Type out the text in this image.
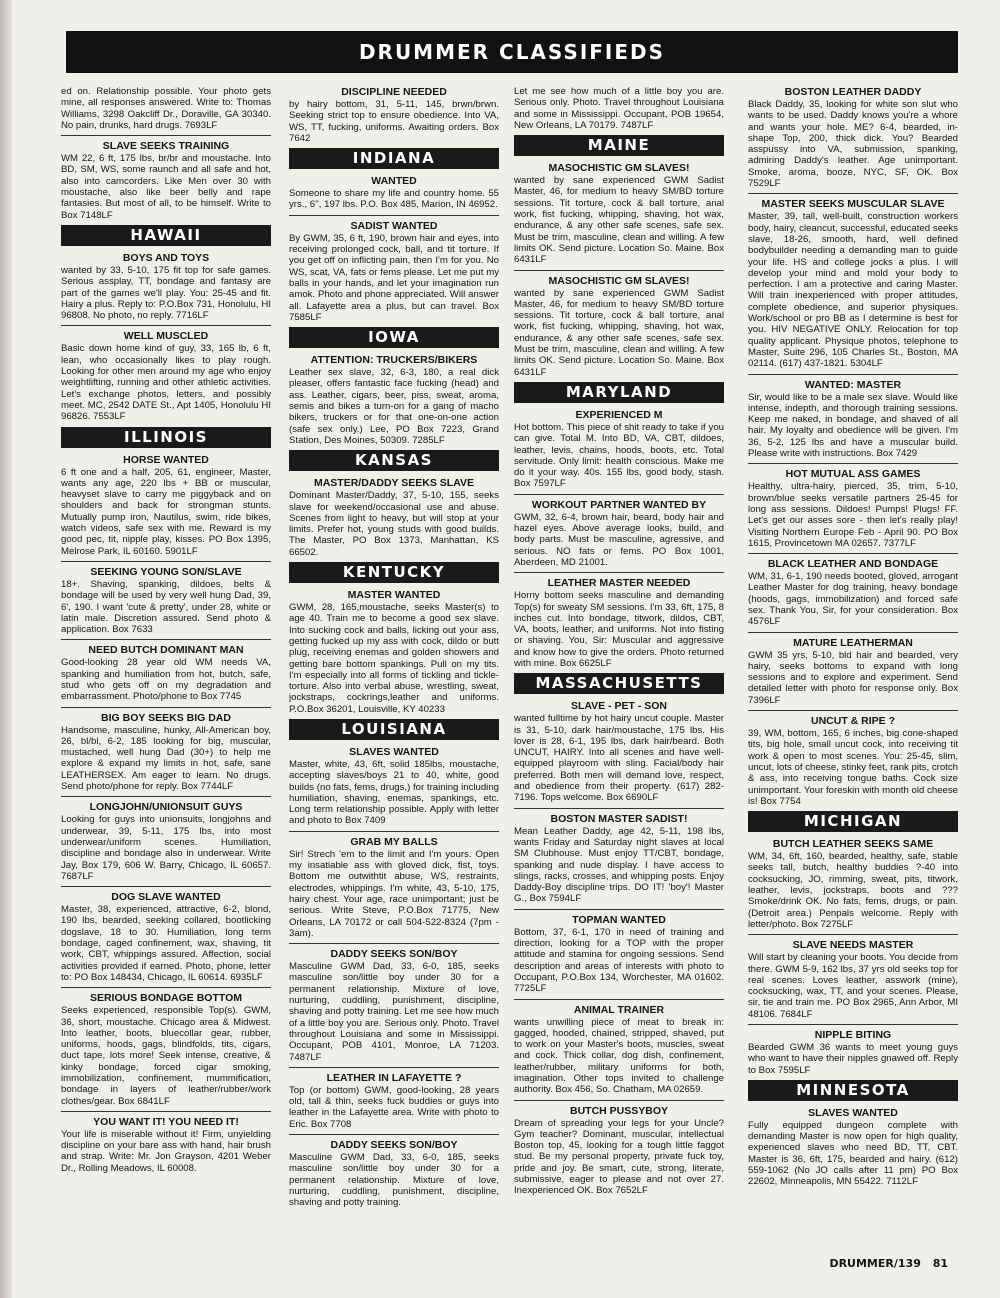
DRUMMER CLASSIFIEDS

ed on. Relationship possible. Your photo gets mine, all responses answered. Write to: Thomas Williams, 3298 Oakcliff Dr., Doraville, GA 30340. No pain, drunks, hard drugs. 7693LF

SLAVE SEEKS TRAINING

WM 22, 6 ft, 175 lbs, br/br and moustache. Into BD, SM, WS, some raunch and all safe and hot, also into camcorders. Like Men over 30 with moustache, also like beer belly and rape fantasies. But most of all, to be himself. Write to Box 7148LF

HAWAII
BOYS AND TOYS

wanted by 33, 5-10, 175 fit top for safe games. Serious assplay, TT, bondage and fantasy are part of the games we'll play. You: 25-45 and fit. Hairy a plus. Reply to: P.O.Box 731, Honolulu, HI 96808. No photo, no reply. 7716LF

WELL MUSCLED

Basic down home kind of guy, 33, 165 lb, 6 ft, lean, who occasionally likes to play rough. Looking for other men around my age who enjoy weightlifting, running and other athletic activities. Let's exchange photos, letters, and possibly meet. MC, 2542 DATE St., Apt 1405, Honolulu HI 96826. 7553LF

ILLINOIS
HORSE WANTED

6 ft one and a half, 205, 61, engineer, Master, wants any age, 220 lbs + BB or muscular, heavyset slave to carry me piggyback and on shoulders and back for strongman stunts. Mutually pump iron, Nautilus, swim, ride bikes, watch videos, safe sex with me. Reward is my good pec, tit, nipple play, kisses. PO Box 1395, Melrose Park, IL 60160. 5901LF

SEEKING YOUNG SON/SLAVE

18+. Shaving, spanking, dildoes, belts & bondage will be used by very well hung Dad, 39, 6', 190. I want 'cute & pretty', under 28, white or latin male. Discretion assured. Send photo & application. Box 7633

NEED BUTCH DOMINANT MAN

Good-looking 28 year old WM needs VA, spanking and humiliation from hot, butch, safe, stud who gets off on my degradation and embarrassment. Photo/phone to Box 7745

BIG BOY SEEKS BIG DAD

Handsome, masculine, hunky, All-American boy, 26, bl/bl, 6-2, 185 looking for big, muscular, mustached, well hung Dad (30+) to help me explore & expand my limits in hot, safe, sane LEATHERSEX. Am eager to learn. No drugs. Send photo/phone for reply. Box 7744LF

LONGJOHN/UNIONSUIT GUYS

Looking for guys into unionsuits, longjohns and underwear, 39, 5-11, 175 lbs, into most underwear/uniform scenes. Humiliation, discipline and bondage also in underwear. Write Jay, Box 179, 606 W. Barry, Chicago, IL 60657. 7687LF

DOG SLAVE WANTED

Master, 38, experienced, attractive, 6-2, blond, 190 lbs, bearded, seeking collared, bootlicking dogslave, 18 to 30. Humiliation, long term bondage, caged confinement, wax, shaving, tit work, CBT, whippings assured. Affection, social activities provided if earned. Photo, phone, letter to: PO Box 148434, Chicago, IL 60614. 6935LF

SERIOUS BONDAGE BOTTOM

Seeks experienced, responsible Top(s). GWM, 36, short, moustache. Chicago area & Midwest. Into leather, boots, bluecollar gear, rubber, uniforms, hoods, gags, blindfolds, tits, cigars, duct tape, lots more! Seek intense, creative, & kinky bondage, forced cigar smoking, immobilization, confinement, mummification, bondage in layers of leather/rubber/work clothes/gear. Box 6841LF

YOU WANT IT! YOU NEED IT!

Your life is miserable without it! Firm, unyielding discipline on your bare ass with hand, hair brush and strap. Write: Mr. Jon Grayson, 4201 Weber Dr., Rolling Meadows, IL 60008.

DISCIPLINE NEEDED

by hairy bottom, 31, 5-11, 145, brwn/brwn. Seeking strict top to ensure obedience. Into VA, WS, TT, fucking, uniforms. Awaiting orders. Box 7642

INDIANA
WANTED

Someone to share my life and country home. 55 yrs., 6'', 197 lbs. P.O. Box 485, Marion, IN 46952.

SADIST WANTED

By GWM, 35, 6 ft, 190, brown hair and eyes, into receiving prolonged cock, ball, and tit torture. If you get off on inflicting pain, then I'm for you. No WS, scat, VA, fats or fems please. Let me put my balls in your hands, and let your imagination run amok. Photo and phone appreciated. Will answer all. Lafayette area a plus, but can travel. Box 7585LF

IOWA
ATTENTION: TRUCKERS/BIKERS

Leather sex slave, 32, 6-3, 180, a real dick pleaser, offers fantastic face fucking (head) and ass. Leather, cigars, beer, piss, sweat, aroma, semis and bikes a turn-on for a gang of macho bikers, truckers or for that one-on-one action (safe sex only.) Lee, PO Box 7223, Grand Station, Des Moines, 50309. 7285LF

KANSAS
MASTER/DADDY SEEKS SLAVE

Dominant Master/Daddy, 37, 5-10, 155, seeks slave for weekend/occasional use and abuse. Scenes from light to heavy, but will stop at your limits. Prefer hot, young studs with good builds. The Master, PO Box 1373, Manhattan, KS 66502.

KENTUCKY
MASTER WANTED

GWM, 28, 165,moustache, seeks Master(s) to age 40. Train me to become a good sex slave. Into sucking cock and balls, licking out your ass, getting fucked up my ass with cock, dildo or butt plug, receiving enemas and golden showers and getting bare bottom spankings. Pull on my tits. I'm especially into all forms of tickling and tickle-torture. Also into verbal abuse, wrestling, sweat, jockstraps, cockrings,leather and uniforms. P.O.Box 36201, Louisville, KY 40233

LOUISIANA
SLAVES WANTED

Master, white, 43, 6ft, solid 185lbs, moustache, accepting slaves/boys 21 to 40, white, good builds (no fats, fems, drugs,) for training including humiliation, shaving, enemas, spankings, etc. Long term relationship possible. Apply with letter and photo to Box 7409

GRAB MY BALLS

Sir! Strech 'em to the limit and I'm yours. Open my insatiable ass with gloved dick, fist, toys. Bottom me outwithtit abuse, WS, restraints, electrodes, whippings. I'm white, 43, 5-10, 175, hairy chest. Your age, race unimportant; just be serious. Write Steve, P.O.Box 71775, New Orleans, LA 70172 or call 504-522-8324 (7pm - 3am).

DADDY SEEKS SON/BOY

Masculine GWM Dad, 33, 6-0, 185, seeks masculine son/little boy under 30 for a permanent relationship. Mixture of love, nurturing, cuddling, punishment, discipline, shaving and potty training. Let me see how much of a little boy you are. Serious only. Photo. Travel throughout Louisiana and some in Mississippi. Occupant, POB 4101, Monroe, LA 71203. 7487LF

LEATHER IN LAFAYETTE ?

Top (or bottom) GWM, good-looking, 28 years old, tall & thin, seeks fuck buddies or guys into leather in the Lafayette area. Write with photo to Eric. Box 7708

DADDY SEEKS SON/BOY

Masculine GWM Dad, 33, 6-0, 185, seeks masculine son/little boy under 30 for a permanent relationship. Mixture of love, nurturing, cuddling, punishment, discipline, shaving and potty training.

Let me see how much of a little boy you are. Serious only. Photo. Travel throughout Louisiana and some in Mississippi. Occupant, POB 19654, New Orleans, LA 70179. 7487LF

MAINE
MASOCHISTIC GM SLAVES!

wanted by sane experienced GWM Sadist Master, 46, for medium to heavy SM/BD torture sessions. Tit torture, cock & ball torture, anal work, fist fucking, whipping, shaving, hot wax, endurance, & any other safe scenes, safe sex. Must be trim, masculine, clean and willing. A few limits OK. Send picture. Location So. Maine. Box 6431LF

MASOCHISTIC GM SLAVES!

wanted by sane experienced GWM Sadist Master, 46, for medium to heavy SM/BD torture sessions. Tit torture, cock & ball torture, anal work, fist fucking, whipping, shaving, hot wax, endurance, & any other safe scenes, safe sex. Must be trim, masculine, clean and willing. A few limits OK. Send picture. Location So. Maine. Box 6431LF

MARYLAND
EXPERIENCED M

Hot bottom. This piece of shit ready to take if you can give. Total M. Into BD, VA, CBT, dildoes, leather, levis, chains, hoods, boots, etc. Total servitude. Only limit: health conscious. Make me do it your way. 40s. 155 lbs, good body, stash. Box 7597LF

WORKOUT PARTNER WANTED BY

GWM, 32, 6-4, brown hair, beard, body hair and hazel eyes. Above average looks, build, and body parts. Must be masculine, agressive, and serious. NO fats or fems. PO Box 1001, Aberdeen, MD 21001.

LEATHER MASTER NEEDED

Horny bottom seeks masculine and demanding Top(s) for sweaty SM sessions. I'm 33, 6ft, 175, 8 inches cut. Into bondage, titwork, dildos, CBT, VA, boots, leather, and uniforms. Not into fisting or shaving. You, Sir: Muscular and aggressive and know how to give the orders. Photo returned with mine. Box 6625LF

MASSACHUSETTS
SLAVE - PET - SON

wanted fulltime by hot hairy uncut couple. Master is 31, 5-10, dark hair/moustache, 175 lbs. His lover is 28, 6-1, 195 lbs, dark hair/beard. Both UNCUT, HAIRY. Into all scenes and have well- equipped playroom with sling. Facial/body hair preferred. Both men will demand love, respect, and obedience from their property. (617) 282-7196. Tops welcome. Box 6690LF

BOSTON MASTER SADIST!

Mean Leather Daddy, age 42, 5-11, 198 lbs, wants Friday and Saturday night slaves at local SM Clubhouse. Must enjoy TT/CBT, bondage, spanking and nude display. I have access to slings, racks, crosses, and whipping posts. Enjoy Daddy-Boy discipline trips. DO IT! 'boy'! Master G., Box 7594LF

TOPMAN WANTED

Bottom, 37, 6-1, 170 in need of training and direction, looking for a TOP with the proper attitude and stamina for ongoing sessions. Send description and areas of interests with photo to Occupant, P.O.Box 134, Worchester, MA 01602. 7725LF

ANIMAL TRAINER

wants unwilling piece of meat to break in: gagged, hooded, chained, stripped, shaved, put to work on your Master's boots, muscles, sweat and cock. Thick collar, dog dish, confinement, leather/rubber, military uniforms for both, imagination. Other tops invited to challenge authority. Box 456, So. Chatham, MA 02659.

BUTCH PUSSYBOY

Dream of spreading your legs for your Uncle? Gym teacher? Dominant, muscular, intellectual Boston top, 45, looking for a tough little faggot stud. Be my personal property, private fuck toy, pride and joy. Be smart, cute, strong, literate, submissive, eager to please and not over 27. Inexperienced OK. Box 7652LF

BOSTON LEATHER DADDY

Black Daddy, 35, looking for white son slut who wants to be used. Daddy knows you're a whore and wants your hole. ME? 6-4, bearded, in-shape Top, 200, thick dick. You? Bearded asspussy into VA, submission, spanking, admiring Daddy's leather. Age unimportant. Smoke, aroma, booze, NYC, SF, OK. Box 7529LF

MASTER SEEKS MUSCULAR SLAVE

Master, 39, tall, well-built, construction workers body, hairy, cleancut, successful, educated seeks slave, 18-26, smooth, hard, well defined bodybuilder needing a demanding man to guide your life. HS and college jocks a plus. I will develop your mind and mold your body to perfection. I am a protective and caring Master. Will train inexperienced with proper attitudes, complete obedience, and superior physiques. Work/school or pro BB as I determine is best for you. HIV NEGATIVE ONLY. Relocation for top quality applicant. Physique photos, telephone to Master, Suite 296, 105 Charles St., Boston, MA 02114. (617) 437-1821. 5304LF

WANTED: MASTER

Sir, would like to be a male sex slave. Would like intense, indepth, and thorough training sessions. Keep me naked, in bondage, and shaved of all hair. My loyalty and obedience will be given. I'm 36, 5-2, 125 lbs and have a muscular build. Please write with instructions. Box 7429

HOT MUTUAL ASS GAMES

Healthy, ultra-hairy, pierced, 35, trim, 5-10, brown/blue seeks versatile partners 25-45 for long ass sessions. Dildoes! Pumps! Plugs! FF. Let's get our asses sore - then let's really play! Visiting Northern Europe Feb - April 90. PO Box 1615, Provincetown MA 02657. 7377LF

BLACK LEATHER AND BONDAGE

WM, 31, 6-1, 190 needs booted, gloved, arrogant Leather Master for dog training, heavy bondage (hoods, gags, immobilization) and forced safe sex. Thank You, Sir, for your consideration. Box 4576LF

MATURE LEATHERMAN

GWM 35 yrs, 5-10, bld hair and bearded, very hairy, seeks bottoms to expand with long sessions and to explore and experiment. Send detailed letter with photo for response only. Box 7396LF

UNCUT & RIPE ?

39, WM, bottom, 165, 6 inches, big cone-shaped tits, big hole, small uncut cock, into receiving tit work & open to most scenes. You: 25-45, slim, uncut, lots of cheese, stinky feet, rank pits, crotch & ass, into receiving tongue baths. Cock size unimportant. Your foreskin with month old cheese is! Box 7754

MICHIGAN
BUTCH LEATHER SEEKS SAME

WM, 34, 6ft, 160, bearded, healthy, safe, stable seeks tall, butch, healthy buddies ?-40 into cocksucking, JO, rimming, sweat, pits, titwork, leather, levis, jockstraps, boots and ??? Smoke/drink OK. No fats, fems, drugs, or pain. (Detroit area.) Penpals welcome. Reply with letter/photo. Box 7275LF

SLAVE NEEDS MASTER

Will start by cleaning your boots. You decide from there. GWM 5-9, 162 lbs, 37 yrs old seeks top for real scenes. Loves leather, asswork (mine), cocksucking, wax, TT, and your scenes. Please, sir, tie and train me. PO Box 2965, Ann Arbor, MI 48106. 7684LF

NIPPLE BITING

Bearded GWM 36 wants to meet young guys who want to have their nipples gnawed off. Reply to Box 7595LF

MINNESOTA
SLAVES WANTED

Fully equipped dungeon complete with demanding Master is now open for high quality, experienced slaves who need BD, TT, CBT. Master is 36, 6ft, 175, bearded and hairy. (612) 559-1062 (No JO calls after 11 pm) PO Box 22602, Minneapolis, MN 55422. 7112LF

DRUMMER/139 81
